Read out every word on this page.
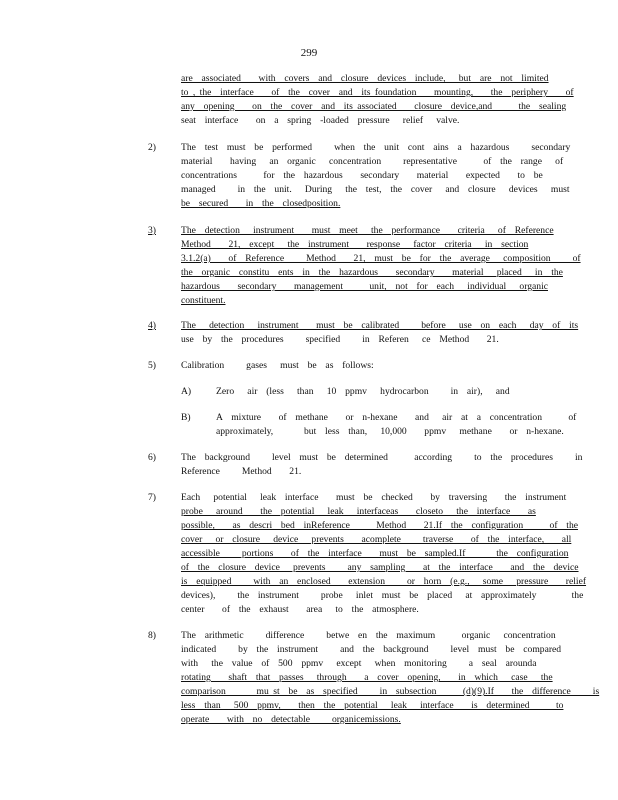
299
are  associated    with  covers  and  closure  devices  include,   but  are  not  limited
to , the  interface    of  the  cover  and  its foundation    mounting,    the  periphery    of
any  opening    on  the  cover  and  its associated    closure  device,and      the  sealing
seat  interface    on  a  spring  -loaded  pressure   relief   valve.
2)	The  test  must  be  performed     when  the  unit  cont  ains  a  hazardous     secondary
material    having   an  organic   concentration     representative      of  the  range   of
concentrations      for  the  hazardous    secondary    material    expected    to  be
managed     in  the  unit.   During   the  test,  the  cover   and  closure   devices   must
be  secured    in  the  closedposition.
3)	The  detection   instrument    must  meet   the  performance    criteria   of  Reference
Method    21,  except   the  instrument    response   factor  criteria   in  section
3.1.2(a)    of  Reference     Method    21,  must  be  for  the  average   composition     of
the  organic  constitu  ents  in  the  hazardous    secondary    material   placed   in  the
hazardous    secondary    management      unit,  not  for  each   individual   organic
constituent.
4)	The   detection   instrument    must  be  calibrated     before   use  on  each   day  of  its
use  by  the  procedures     specified     in  Referen   ce  Method    21.
5)	Calibration     gases   must  be  as  follows:
A)	Zero   air  (less   than   10  ppmv   hydrocarbon     in  air),   and
B)	A  mixture    of  methane    or  n-hexane    and   air  at  a  concentration      of
approximately,       but  less  than,   10,000    ppmv   methane    or  n-hexane.
6)	The  background     level  must  be  determined      according     to  the  procedures     in
Reference     Method    21.
7)	Each   potential   leak  interface    must  be  checked    by  traversing    the  instrument
probe   around    the  potential   leak   interfaceas    closeto   the  interface    as
possible,    as  descri  bed  inReference      Method    21.If  the  configuration      of  the
cover   or  closure   device   prevents    acomplete     traverse    of  the  interface,    all
accessible     portions    of  the  interface    must  be  sampled.If       the  configuration
of  the  closure  device   prevents     any  sampling    at  the  interface    and  the  device
is  equipped     with  an  enclosed    extension     or  horn  (e.g.,   some   pressure    relief
devices),     the  instrument     probe   inlet  must  be  placed   at  approximately        the
center    of  the  exhaust    area   to  the  atmosphere.
8)	The  arithmetic     difference     betwe  en  the  maximum      organic   concentration
indicated     by  the  instrument     and  the  background     level  must  be  compared
with   the  value  of  500  ppmv   except   when  monitoring     a  seal  arounda
rotating    shaft  that  passes   through    a  cover  opening,    in  which   case   the
comparison       mu st  be  as  specified     in  subsection      (d)(9).If    the  difference     is
less  than   500  ppmv,    then  the  potential   leak   interface    is  determined      to
operate    with  no  detectable     organicemissions.
